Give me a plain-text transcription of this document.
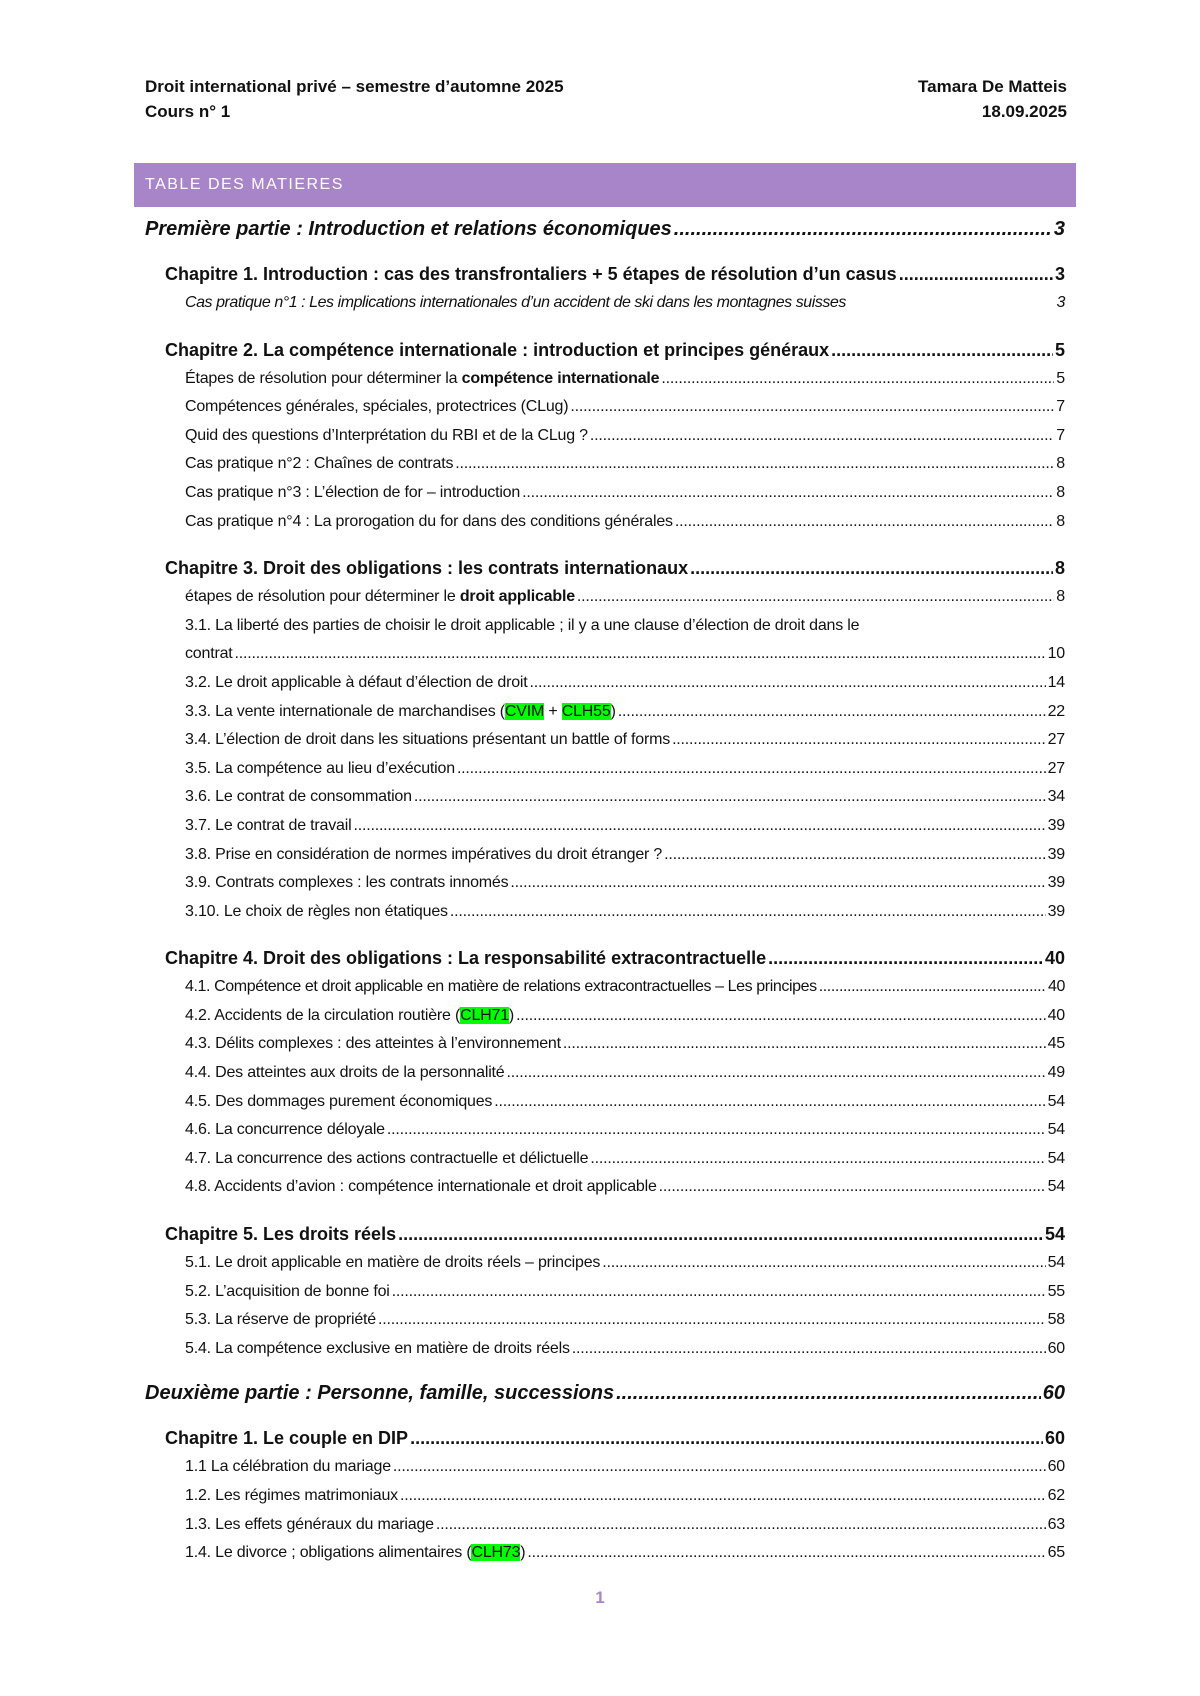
Droit international privé – semestre d’automne 2025
Cours n° 1
Tamara De Matteis
18.09.2025
TABLE DES MATIERES
Première partie : Introduction et relations économiques .....	3
Chapitre 1. Introduction : cas des transfrontaliers + 5 étapes de résolution d’un casus .....	3
Cas pratique n°1 : Les implications internationales d’un accident de ski dans les montagnes suisses	3
Chapitre 2. La compétence internationale : introduction et principes généraux .....	5
Étapes de résolution pour déterminer la compétence internationale .....	5
Compétences générales, spéciales, protectrices (CLug) .....	7
Quid des questions d’Interprétation du RBI et de la CLug ? .....	7
Cas pratique n°2 : Chaînes de contrats .....	8
Cas pratique n°3 : L’élection de for – introduction .....	8
Cas pratique n°4 : La prorogation du for dans des conditions générales .....	8
Chapitre 3. Droit des obligations : les contrats internationaux .....	8
étapes de résolution pour déterminer le droit applicable .....	8
3.1. La liberté des parties de choisir le droit applicable ; il y a une clause d’élection de droit dans le
contrat .....	10
3.2. Le droit applicable à défaut d’élection de droit .....	14
3.3. La vente internationale de marchandises (CVIM + CLH55) .....	22
3.4. L’élection de droit dans les situations présentant un battle of forms .....	27
3.5. La compétence au lieu d’exécution .....	27
3.6. Le contrat de consommation .....	34
3.7. Le contrat de travail .....	39
3.8. Prise en considération de normes impératives du droit étranger ? .....	39
3.9. Contrats complexes : les contrats innomés .....	39
3.10. Le choix de règles non étatiques .....	39
Chapitre 4. Droit des obligations : La responsabilité extracontractuelle .....	40
4.1. Compétence et droit applicable en matière de relations extracontractuelles – Les principes .....	40
4.2. Accidents de la circulation routière (CLH71) .....	40
4.3. Délits complexes : des atteintes à l’environnement .....	45
4.4. Des atteintes aux droits de la personnalité .....	49
4.5. Des dommages purement économiques .....	54
4.6. La concurrence déloyale .....	54
4.7. La concurrence des actions contractuelle et délictuelle .....	54
4.8. Accidents d’avion : compétence internationale et droit applicable .....	54
Chapitre 5. Les droits réels .....	54
5.1. Le droit applicable en matière de droits réels – principes .....	54
5.2. L’acquisition de bonne foi .....	55
5.3. La réserve de propriété .....	58
5.4. La compétence exclusive en matière de droits réels .....	60
Deuxième partie : Personne, famille, successions .....	60
Chapitre 1. Le couple en DIP .....	60
1.1 La célébration du mariage .....	60
1.2. Les régimes matrimoniaux .....	62
1.3. Les effets généraux du mariage .....	63
1.4. Le divorce ; obligations alimentaires (CLH73) .....	65
1
